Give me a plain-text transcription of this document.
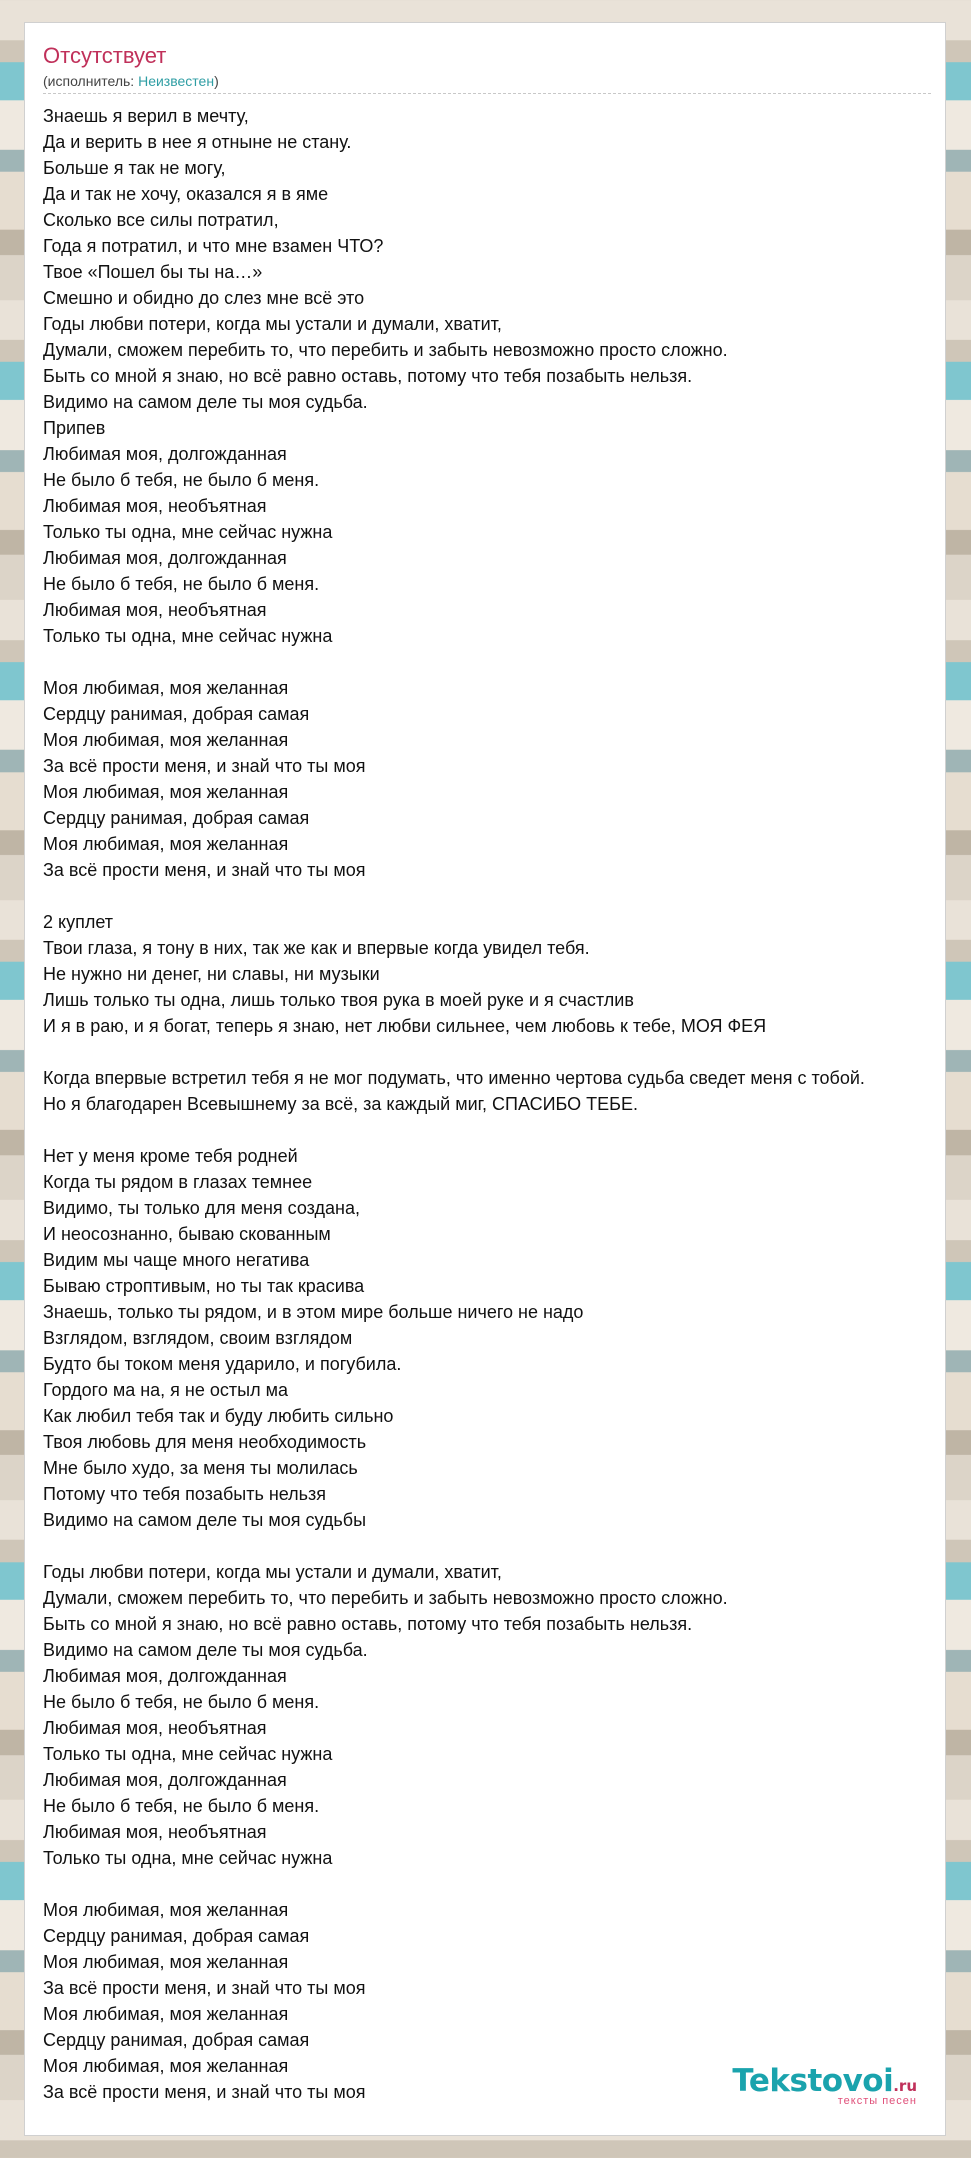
Отсутствует
(исполнитель: Неизвестен)
Знаешь я верил в мечту,
Да и верить в нее я отныне не стану.
Больше я так не могу,
Да и так не хочу, оказался я в яме
Сколько все силы потратил,
Года я потратил, и что мне взамен ЧТО?
Твое «Пошел бы ты на…»
Смешно и обидно до слез мне всё это
Годы любви потери, когда мы устали и думали, хватит,
Думали, сможем перебить то, что перебить и забыть невозможно просто сложно.
Быть со мной я знаю, но всё равно оставь, потому что тебя позабыть нельзя.
Видимо на самом деле ты моя судьба.
Припев
Любимая моя, долгожданная
Не было б тебя, не было б меня.
Любимая моя, необъятная
Только ты одна, мне сейчас нужна
Любимая моя, долгожданная
Не было б тебя, не было б меня.
Любимая моя, необъятная
Только ты одна, мне сейчас нужна
Моя любимая, моя желанная
Сердцу ранимая, добрая самая
Моя любимая, моя желанная
За всё прости меня, и знай что ты моя
Моя любимая, моя желанная
Сердцу ранимая, добрая самая
Моя любимая, моя желанная
За всё прости меня, и знай что ты моя
2 куплет
Твои глаза, я тону в них, так же как и впервые когда увидел тебя.
Не нужно ни денег, ни славы, ни музыки
Лишь только ты одна, лишь только твоя рука в моей руке и я счастлив
И я в раю, и я богат, теперь я знаю, нет любви сильнее, чем любовь к тебе, МОЯ ФЕЯ
Когда впервые встретил тебя я не мог подумать, что именно чертова судьба сведет меня с тобой.
Но я благодарен Всевышнему за всё, за каждый миг, СПАСИБО ТЕБЕ.
Нет у меня кроме тебя родней
Когда ты рядом в глазах темнее
Видимо, ты только для меня создана,
И неосознанно, бываю скованным
Видим мы чаще много негатива
Бываю строптивым, но ты так красива
Знаешь, только ты рядом, и в этом мире больше ничего не надо
Взглядом, взглядом, своим взглядом
Будто бы током меня ударило, и погубила.
Гордого ма на, я не остыл ма
Как любил тебя так и буду любить сильно
Твоя любовь для меня необходимость
Мне было худо, за меня ты молилась
Потому что тебя позабыть нельзя
Видимо на самом деле ты моя судьбы
Годы любви потери, когда мы устали и думали, хватит,
Думали, сможем перебить то, что перебить и забыть невозможно просто сложно.
Быть со мной я знаю, но всё равно оставь, потому что тебя позабыть нельзя.
Видимо на самом деле ты моя судьба.
Любимая моя, долгожданная
Не было б тебя, не было б меня.
Любимая моя, необъятная
Только ты одна, мне сейчас нужна
Любимая моя, долгожданная
Не было б тебя, не было б меня.
Любимая моя, необъятная
Только ты одна, мне сейчас нужна
Моя любимая, моя желанная
Сердцу ранимая, добрая самая
Моя любимая, моя желанная
За всё прости меня, и знай что ты моя
Моя любимая, моя желанная
Сердцу ранимая, добрая самая
Моя любимая, моя желанная
За всё прости меня, и знай что ты моя	Tekstovoi.ru
тексты песен
